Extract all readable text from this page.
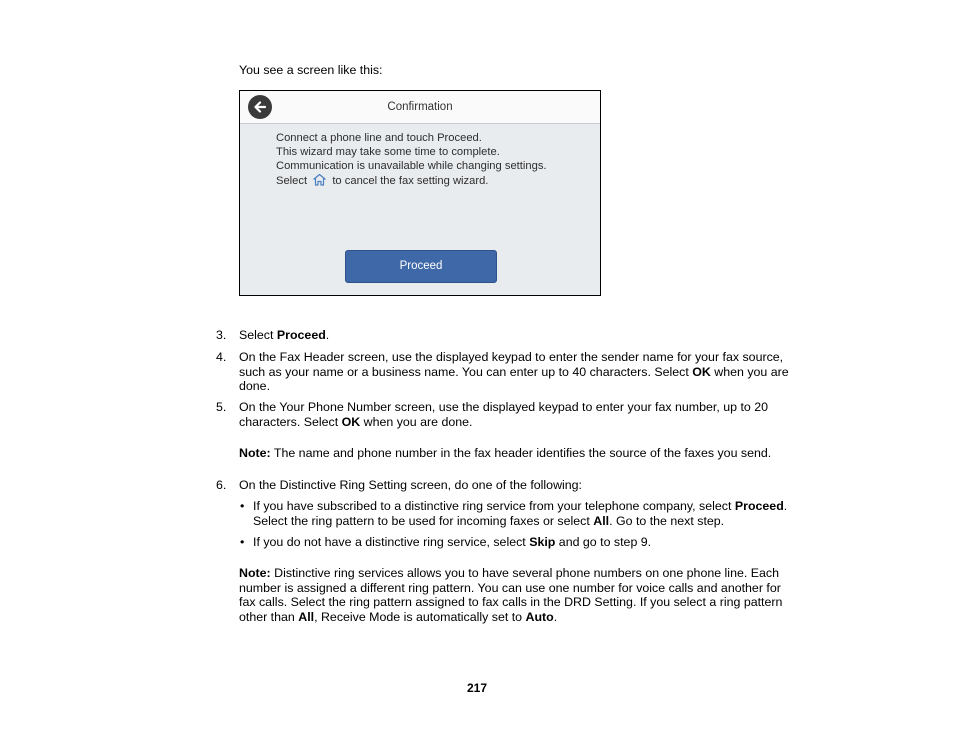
You see a screen like this:
Confirmation
Connect a phone line and touch Proceed.
This wizard may take some time to complete.
Communication is unavailable while changing settings.
Select to cancel the fax setting wizard.
Proceed
3. Select Proceed.
4. On the Fax Header screen, use the displayed keypad to enter the sender name for your fax source,
such as your name or a business name. You can enter up to 40 characters. Select OK when you are
done.
5. On the Your Phone Number screen, use the displayed keypad to enter your fax number, up to 20
characters. Select OK when you are done.
Note: The name and phone number in the fax header identifies the source of the faxes you send.
6. On the Distinctive Ring Setting screen, do one of the following:
• If you have subscribed to a distinctive ring service from your telephone company, select Proceed.
Select the ring pattern to be used for incoming faxes or select All. Go to the next step.
• If you do not have a distinctive ring service, select Skip and go to step 9.
Note: Distinctive ring services allows you to have several phone numbers on one phone line. Each
number is assigned a different ring pattern. You can use one number for voice calls and another for
fax calls. Select the ring pattern assigned to fax calls in the DRD Setting. If you select a ring pattern
other than All, Receive Mode is automatically set to Auto.
217
